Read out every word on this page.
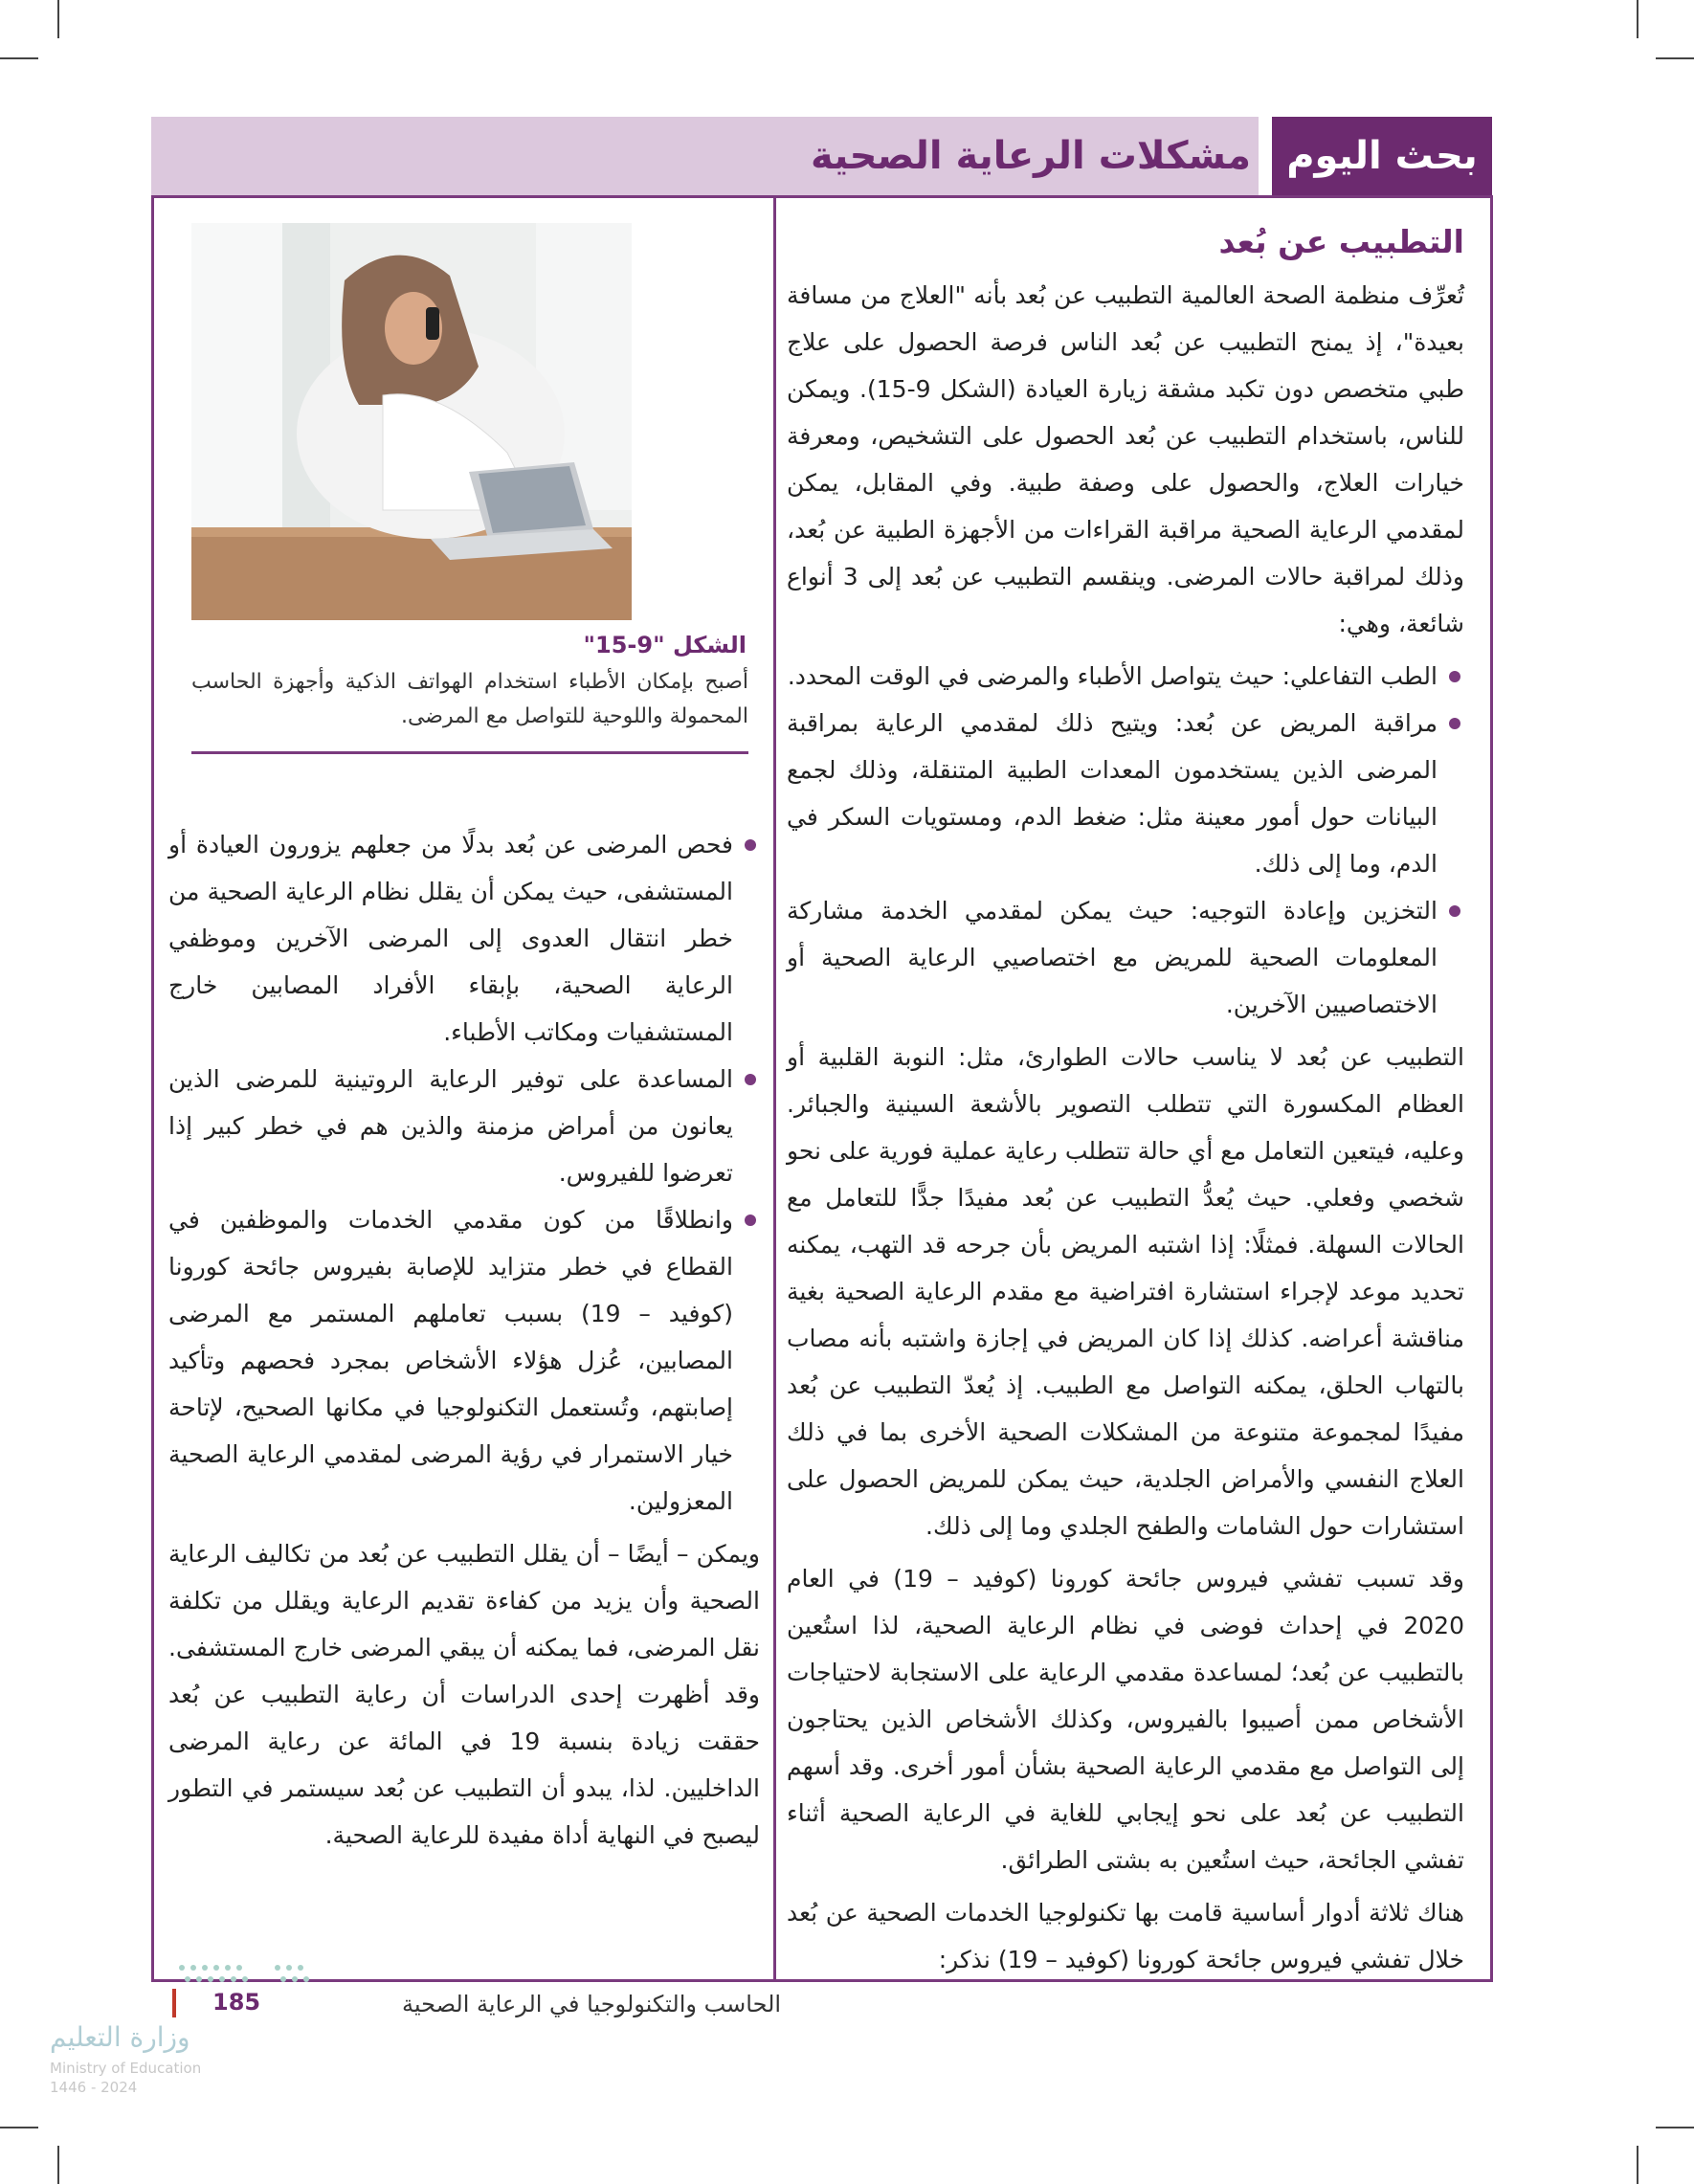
بحث اليوم
مشكلات الرعاية الصحية
التطبيب عن بُعد

تُعرِّف منظمة الصحة العالمية التطبيب عن بُعد بأنه "العلاج من مسافة بعيدة"، إذ يمنح التطبيب عن بُعد الناس فرصة الحصول على علاج طبي متخصص دون تكبد مشقة زيارة العيادة (الشكل 9-15). ويمكن للناس، باستخدام التطبيب عن بُعد الحصول على التشخيص، ومعرفة خيارات العلاج، والحصول على وصفة طبية. وفي المقابل، يمكن لمقدمي الرعاية الصحية مراقبة القراءات من الأجهزة الطبية عن بُعد، وذلك لمراقبة حالات المرضى. وينقسم التطبيب عن بُعد إلى 3 أنواع شائعة، وهي:

الطب التفاعلي: حيث يتواصل الأطباء والمرضى في الوقت المحدد.
مراقبة المريض عن بُعد: ويتيح ذلك لمقدمي الرعاية بمراقبة المرضى الذين يستخدمون المعدات الطبية المتنقلة، وذلك لجمع البيانات حول أمور معينة مثل: ضغط الدم، ومستويات السكر في الدم، وما إلى ذلك.
التخزين وإعادة التوجيه: حيث يمكن لمقدمي الخدمة مشاركة المعلومات الصحية للمريض مع اختصاصيي الرعاية الصحية أو الاختصاصيين الآخرين.

التطبيب عن بُعد لا يناسب حالات الطوارئ، مثل: النوبة القلبية أو العظام المكسورة التي تتطلب التصوير بالأشعة السينية والجبائر. وعليه، فيتعين التعامل مع أي حالة تتطلب رعاية عملية فورية على نحو شخصي وفعلي. حيث يُعدُّ التطبيب عن بُعد مفيدًا جدًّا للتعامل مع الحالات السهلة. فمثلًا: إذا اشتبه المريض بأن جرحه قد التهب، يمكنه تحديد موعد لإجراء استشارة افتراضية مع مقدم الرعاية الصحية بغية مناقشة أعراضه. كذلك إذا كان المريض في إجازة واشتبه بأنه مصاب بالتهاب الحلق، يمكنه التواصل مع الطبيب. إذ يُعدّ التطبيب عن بُعد مفيدًا لمجموعة متنوعة من المشكلات الصحية الأخرى بما في ذلك العلاج النفسي والأمراض الجلدية، حيث يمكن للمريض الحصول على استشارات حول الشامات والطفح الجلدي وما إلى ذلك.

وقد تسبب تفشي فيروس جائحة كورونا (كوفيد – 19) في العام 2020 في إحداث فوضى في نظام الرعاية الصحية، لذا استُعين بالتطبيب عن بُعد؛ لمساعدة مقدمي الرعاية على الاستجابة لاحتياجات الأشخاص ممن أصيبوا بالفيروس، وكذلك الأشخاص الذين يحتاجون إلى التواصل مع مقدمي الرعاية الصحية بشأن أمور أخرى. وقد أسهم التطبيب عن بُعد على نحو إيجابي للغاية في الرعاية الصحية أثناء تفشي الجائحة، حيث استُعين به بشتى الطرائق.

هناك ثلاثة أدوار أساسية قامت بها تكنولوجيا الخدمات الصحية عن بُعد خلال تفشي فيروس جائحة كورونا (كوفيد – 19) نذكر:

الشكل "9-15"
أصبح بإمكان الأطباء استخدام الهواتف الذكية وأجهزة الحاسب المحمولة واللوحية للتواصل مع المرضى.
فحص المرضى عن بُعد بدلًا من جعلهم يزورون العيادة أو المستشفى، حيث يمكن أن يقلل نظام الرعاية الصحية من خطر انتقال العدوى إلى المرضى الآخرين وموظفي الرعاية الصحية، بإبقاء الأفراد المصابين خارج المستشفيات ومكاتب الأطباء.
المساعدة على توفير الرعاية الروتينية للمرضى الذين يعانون من أمراض مزمنة والذين هم في خطر كبير إذا تعرضوا للفيروس.
وانطلاقًا من كون مقدمي الخدمات والموظفين في القطاع في خطر متزايد للإصابة بفيروس جائحة كورونا (كوفيد – 19) بسبب تعاملهم المستمر مع المرضى المصابين، عُزل هؤلاء الأشخاص بمجرد فحصهم وتأكيد إصابتهم، وتُستعمل التكنولوجيا في مكانها الصحيح، لإتاحة خيار الاستمرار في رؤية المرضى لمقدمي الرعاية الصحية المعزولين.

ويمكن – أيضًا – أن يقلل التطبيب عن بُعد من تكاليف الرعاية الصحية وأن يزيد من كفاءة تقديم الرعاية ويقلل من تكلفة نقل المرضى، فما يمكنه أن يبقي المرضى خارج المستشفى. وقد أظهرت إحدى الدراسات أن رعاية التطبيب عن بُعد حققت زيادة بنسبة 19 في المائة عن رعاية المرضى الداخليين. لذا، يبدو أن التطبيب عن بُعد سيستمر في التطور ليصبح في النهاية أداة مفيدة للرعاية الصحية.

185	الحاسب والتكنولوجيا في الرعاية الصحية
وزارة التعليم
Ministry of Education
2024 - 1446
